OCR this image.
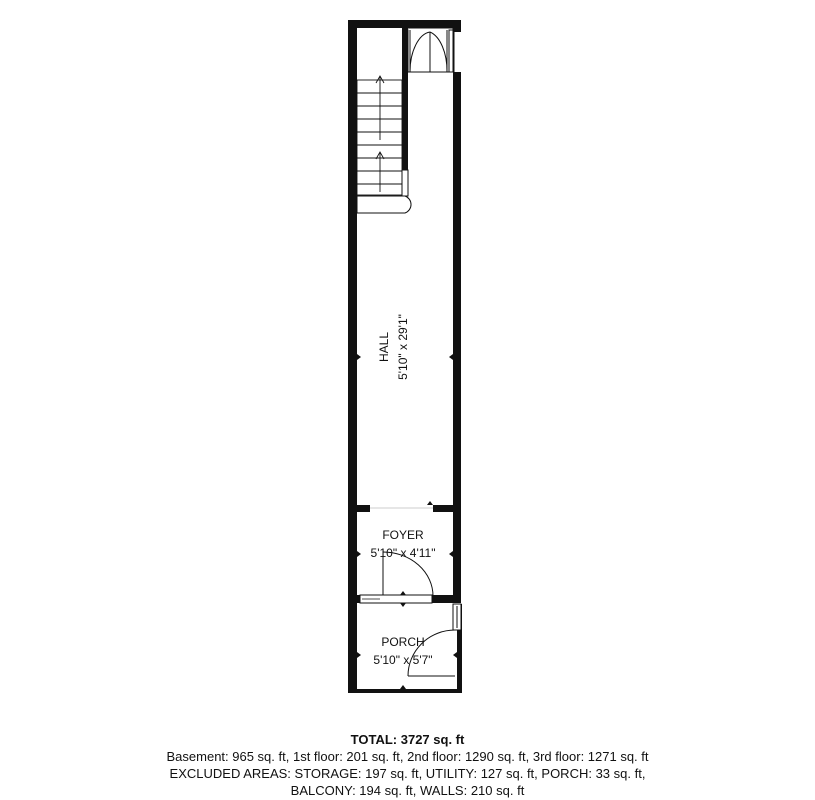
HALL 5'10" x 29'1"
FOYER
5'10" x 4'11"
PORCH
5'10" x 5'7"
TOTAL: 3727 sq. ft
Basement: 965 sq. ft, 1st floor: 201 sq. ft, 2nd floor: 1290 sq. ft, 3rd floor: 1271 sq. ft
EXCLUDED AREAS: STORAGE: 197 sq. ft, UTILITY: 127 sq. ft, PORCH: 33 sq. ft,
BALCONY: 194 sq. ft, WALLS: 210 sq. ft
